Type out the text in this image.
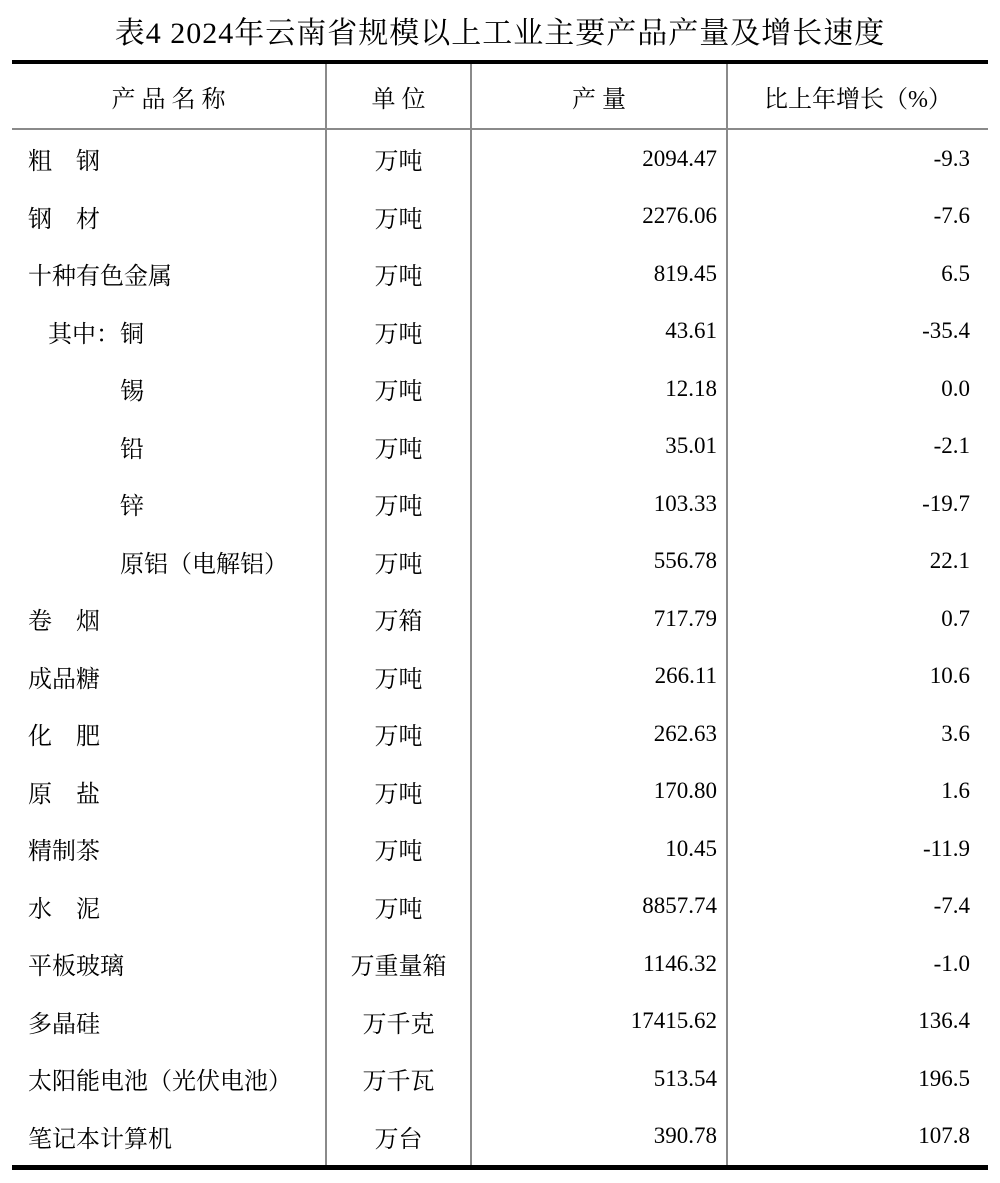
表4 2024年云南省规模以上工业主要产品产量及增长速度
产 品 名 称	单 位	产 量	比上年增长（%）
粗　钢	万吨	2094.47	-9.3
钢　材	万吨	2276.06	-7.6
十种有色金属	万吨	819.45	6.5
其中：铜	万吨	43.61	-35.4
锡	万吨	12.18	0.0
铅	万吨	35.01	-2.1
锌	万吨	103.33	-19.7
原铝（电解铝）	万吨	556.78	22.1
卷　烟	万箱	717.79	0.7
成品糖	万吨	266.11	10.6
化　肥	万吨	262.63	3.6
原　盐	万吨	170.80	1.6
精制茶	万吨	10.45	-11.9
水　泥	万吨	8857.74	-7.4
平板玻璃	万重量箱	1146.32	-1.0
多晶硅	万千克	17415.62	136.4
太阳能电池（光伏电池）	万千瓦	513.54	196.5
笔记本计算机	万台	390.78	107.8
